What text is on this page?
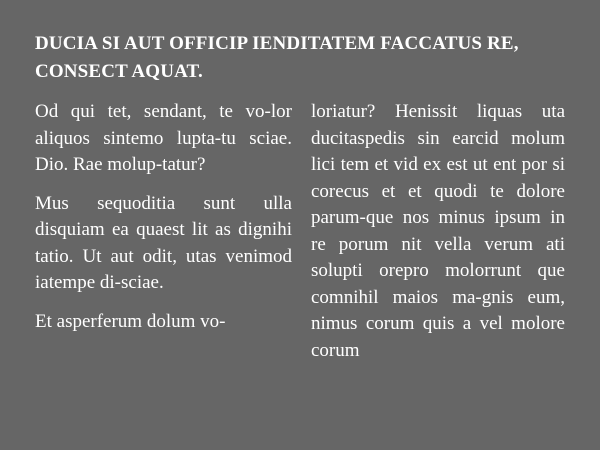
DUCIA SI AUT OFFICIP IENDITATEM FACCATUS RE, CONSECT AQUAT.

Od qui tet, sendant, te vo-lor aliquos sintemo lupta-tu sciae. Dio. Rae molup-tatur?

Mus sequoditia sunt ulla disquiam ea quaest lit as dignihi tatio. Ut aut odit, utas venimod iatempe di-sciae.

Et asperferum dolum vo-

loriatur? Henissit liquas uta ducitaspedis sin earcid molum lici tem et vid ex est ut ent por si corecus et et quodi te dolore parum-que nos minus ipsum in re porum nit vella verum ati solupti orepro molorrunt que comnihil maios ma-gnis eum, nimus corum quis a vel molore corum
